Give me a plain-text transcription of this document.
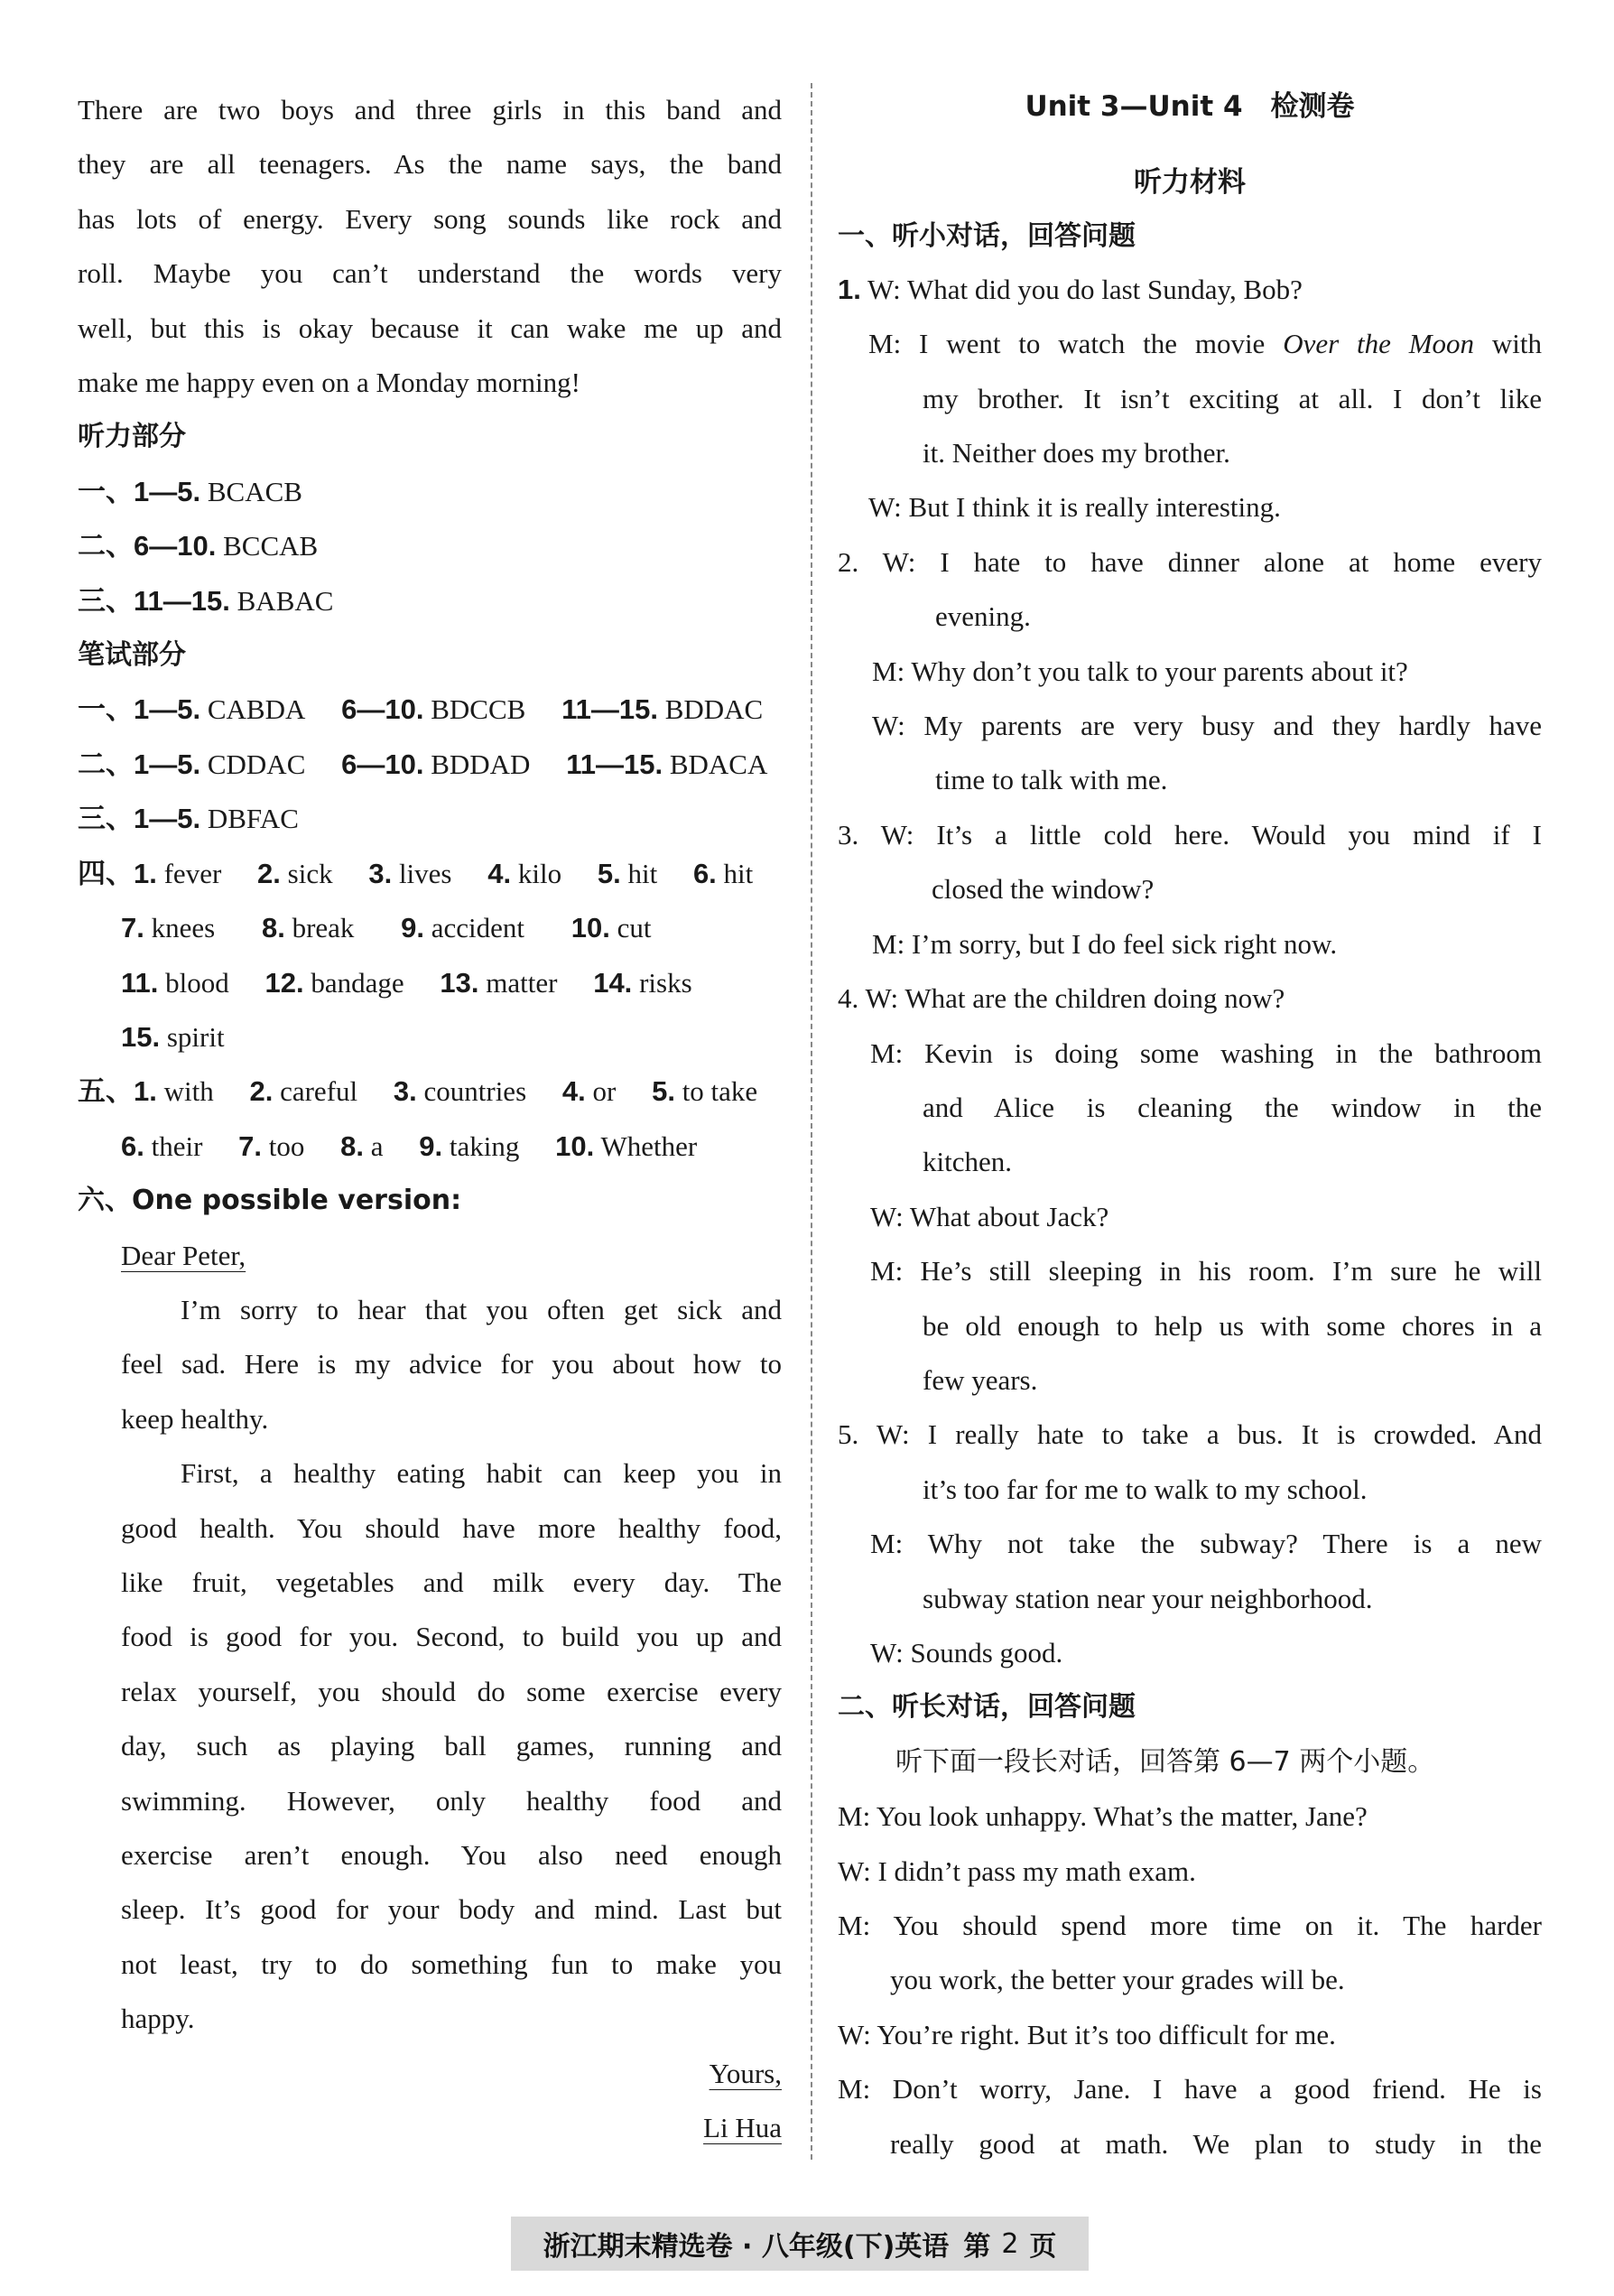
There are two boys and three girls in this band and
they are all teenagers. As the name says, the band
has lots of energy. Every song sounds like rock and
roll. Maybe you can’t understand the words very
well, but this is okay because it can wake me up and
make me happy even on a Monday morning!
听力部分
一、1—5. BCACB
二、6—10. BCCAB
三、11—15. BABAC
笔试部分
一、1—5. CABDA 6—10. BDCCB 11—15. BDDAC
二、1—5. CDDAC 6—10. BDDAD 11—15. BDACA
三、1—5. DBFAC
四、1. fever 2. sick 3. lives 4. kilo 5. hit 6. hit
7. knees 8. break 9. accident 10. cut
11. blood 12. bandage 13. matter 14. risks
15. spirit
五、1. with 2. careful 3. countries 4. or 5. to take
6. their 7. too 8. a 9. taking 10. Whether
六、One possible version:
Dear Peter,
I’m sorry to hear that you often get sick and
feel sad. Here is my advice for you about how to
keep healthy.
First, a healthy eating habit can keep you in
good health. You should have more healthy food,
like fruit, vegetables and milk every day. The
food is good for you. Second, to build you up and
relax yourself, you should do some exercise every
day, such as playing ball games, running and
swimming. However, only healthy food and
exercise aren’t enough. You also need enough
sleep. It’s good for your body and mind. Last but
not least, try to do something fun to make you
happy.
Yours,
Li Hua
Unit 3—Unit 4　检测卷
听力材料
一、听小对话，回答问题
1. W: What did you do last Sunday, Bob?
M: I went to watch the movie Over the Moon with
my brother. It isn’t exciting at all. I don’t like
it. Neither does my brother.
W: But I think it is really interesting.
2. W: I hate to have dinner alone at home every
evening.
M: Why don’t you talk to your parents about it?
W: My parents are very busy and they hardly have
time to talk with me.
3. W: It’s a little cold here. Would you mind if I
closed the window?
M: I’m sorry, but I do feel sick right now.
4. W: What are the children doing now?
M: Kevin is doing some washing in the bathroom
and Alice is cleaning the window in the
kitchen.
W: What about Jack?
M: He’s still sleeping in his room. I’m sure he will
be old enough to help us with some chores in a
few years.
5. W: I really hate to take a bus. It is crowded. And
it’s too far for me to walk to my school.
M: Why not take the subway? There is a new
subway station near your neighborhood.
W: Sounds good.
二、听长对话，回答问题
听下面一段长对话，回答第 6—7 两个小题。
M: You look unhappy. What’s the matter, Jane?
W: I didn’t pass my math exam.
M: You should spend more time on it. The harder
you work, the better your grades will be.
W: You’re right. But it’s too difficult for me.
M: Don’t worry, Jane. I have a good friend. He is
really good at math. We plan to study in the
浙江期末精选卷 · 八年级(下)英语 第 2 页
